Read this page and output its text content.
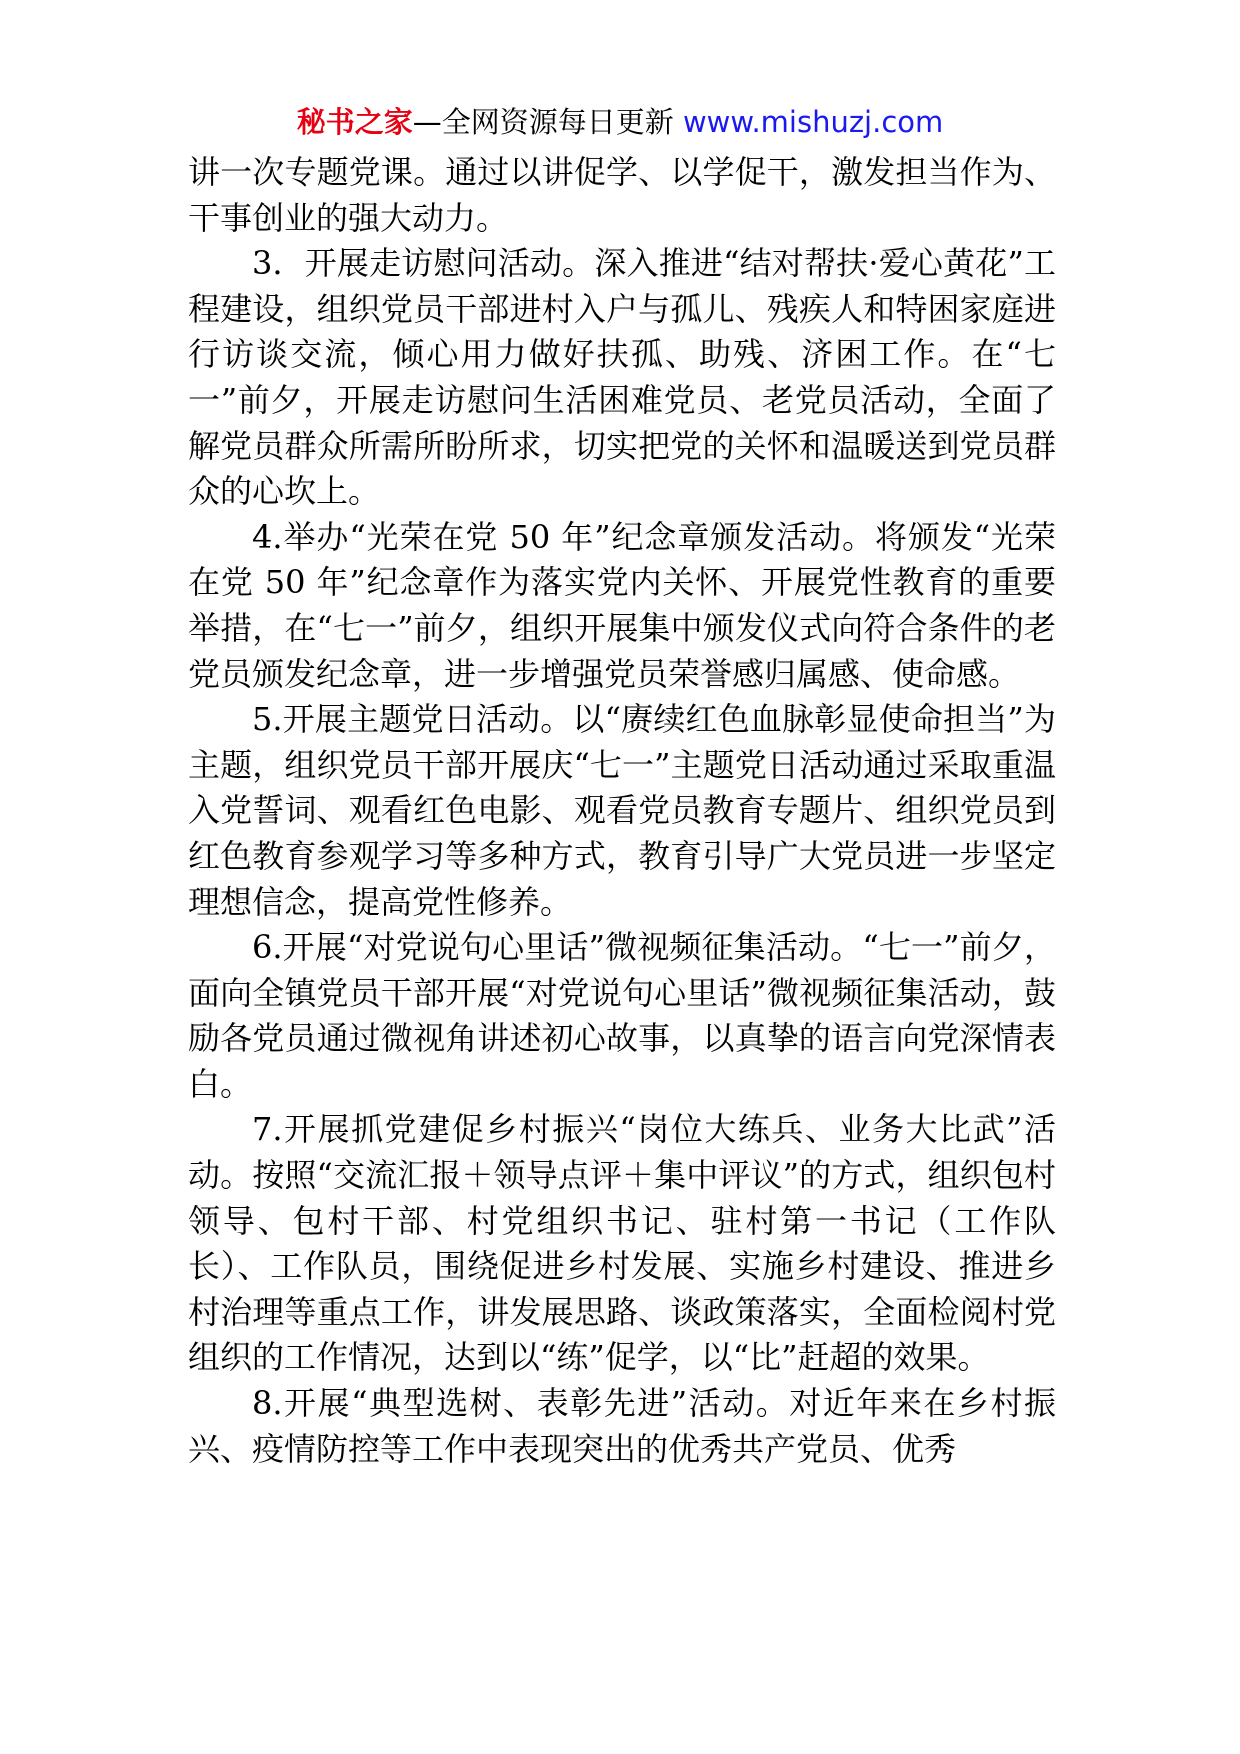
秘书之家—全网资源每日更新 www.mishuzj.com

讲一次专题党课。通过以讲促学、以学促干，激发担当作为、干事创业的强大动力。

3．开展走访慰问活动。深入推进“结对帮扶·爱心黄花”工程建设，组织党员干部进村入户与孤儿、残疾人和特困家庭进行访谈交流，倾心用力做好扶孤、助残、济困工作。在“七一”前夕，开展走访慰问生活困难党员、老党员活动，全面了解党员群众所需所盼所求，切实把党的关怀和温暖送到党员群众的心坎上。

4.举办“光荣在党 50 年”纪念章颁发活动。将颁发“光荣在党 50 年”纪念章作为落实党内关怀、开展党性教育的重要举措，在“七一”前夕，组织开展集中颁发仪式向符合条件的老党员颁发纪念章，进一步增强党员荣誉感归属感、使命感。

5.开展主题党日活动。以“赓续红色血脉彰显使命担当”为主题，组织党员干部开展庆“七一”主题党日活动通过采取重温入党誓词、观看红色电影、观看党员教育专题片、组织党员到红色教育参观学习等多种方式，教育引导广大党员进一步坚定理想信念，提高党性修养。

6.开展“对党说句心里话”微视频征集活动。“七一”前夕，面向全镇党员干部开展“对党说句心里话”微视频征集活动，鼓励各党员通过微视角讲述初心故事，以真挚的语言向党深情表白。

7.开展抓党建促乡村振兴“岗位大练兵、业务大比武”活动。按照“交流汇报＋领导点评＋集中评议”的方式，组织包村领导、包村干部、村党组织书记、驻村第一书记（工作队长）、工作队员，围绕促进乡村发展、实施乡村建设、推进乡村治理等重点工作，讲发展思路、谈政策落实，全面检阅村党组织的工作情况，达到以“练”促学，以“比”赶超的效果。

8.开展“典型选树、表彰先进”活动。对近年来在乡村振兴、疫情防控等工作中表现突出的优秀共产党员、优秀
